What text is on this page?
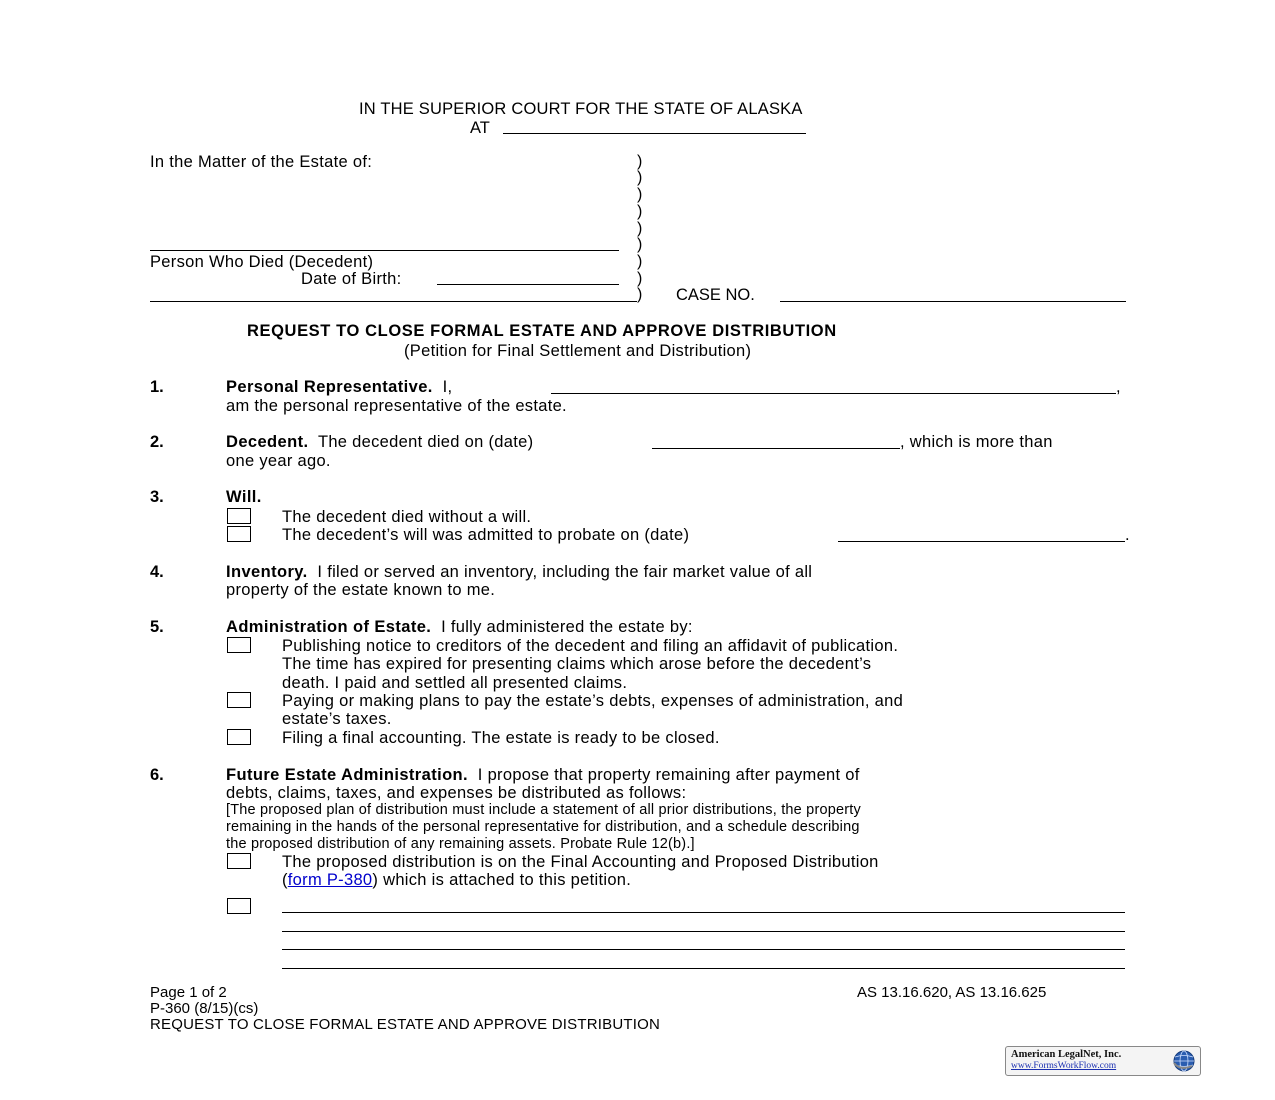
IN THE SUPERIOR COURT FOR THE STATE OF ALASKA
AT
In the Matter of the Estate of:
Person Who Died (Decedent)
Date of Birth:
)
)
)
)
)
)
)
)
) CASE NO.
REQUEST TO CLOSE FORMAL ESTATE AND APPROVE DISTRIBUTION
(Petition for Final Settlement and Distribution)
1.	Personal Representative. I,	,
am the personal representative of the estate.
2.	Decedent. The decedent died on (date)	, which is more than
one year ago.
3.	Will.
The decedent died without a will.
The decedent’s will was admitted to probate on (date)	.
4.	Inventory. I filed or served an inventory, including the fair market value of all
property of the estate known to me.
5.	Administration of Estate. I fully administered the estate by:
Publishing notice to creditors of the decedent and filing an affidavit of publication.
The time has expired for presenting claims which arose before the decedent’s
death. I paid and settled all presented claims.
Paying or making plans to pay the estate’s debts, expenses of administration, and
estate’s taxes.
Filing a final accounting. The estate is ready to be closed.
6.	Future Estate Administration. I propose that property remaining after payment of
debts, claims, taxes, and expenses be distributed as follows:
[The proposed plan of distribution must include a statement of all prior distributions, the property
remaining in the hands of the personal representative for distribution, and a schedule describing
the proposed distribution of any remaining assets. Probate Rule 12(b).]
The proposed distribution is on the Final Accounting and Proposed Distribution
(form P-380) which is attached to this petition.
Page 1 of 2
P-360 (8/15)(cs)
REQUEST TO CLOSE FORMAL ESTATE AND APPROVE DISTRIBUTION
AS 13.16.620, AS 13.16.625
American LegalNet, Inc.
www.FormsWorkFlow.com
